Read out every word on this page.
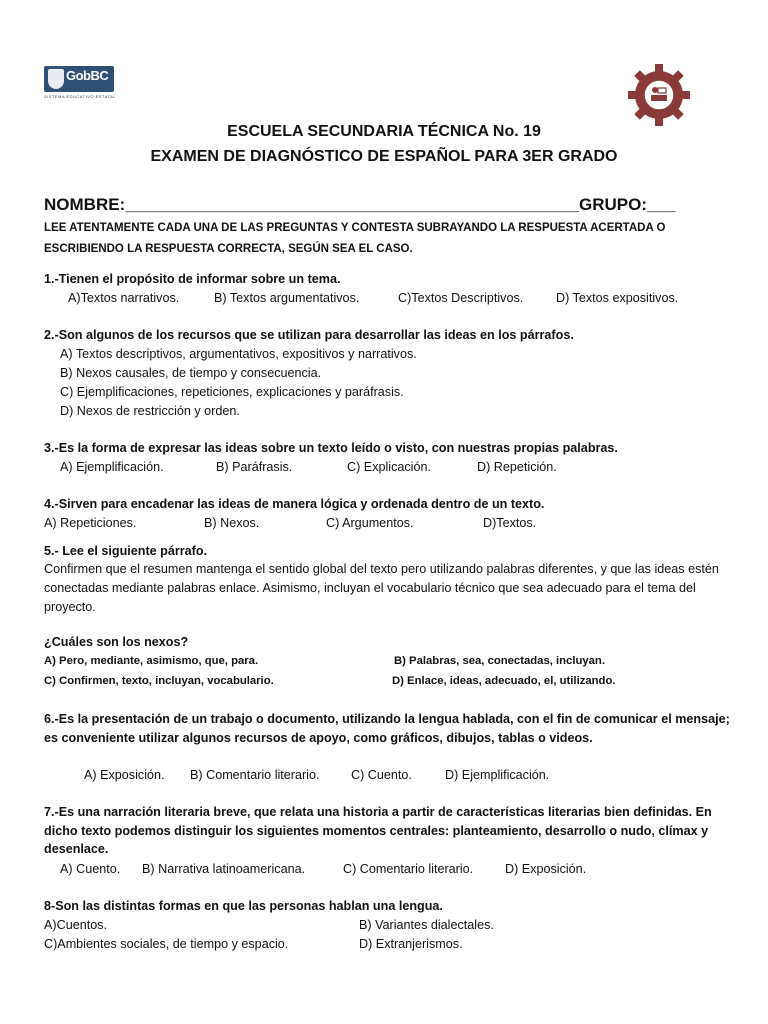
GobBC
SISTEMA EDUCATIVO ESTATAL
ESCUELA SECUNDARIA TÉCNICA No. 19
EXAMEN DE DIAGNÓSTICO DE ESPAÑOL PARA 3ER GRADO
NOMBRE:________________________________________________GRUPO:___
LEE ATENTAMENTE CADA UNA DE LAS PREGUNTAS Y CONTESTA SUBRAYANDO LA RESPUESTA ACERTADA O ESCRIBIENDO LA RESPUESTA CORRECTA, SEGÚN SEA EL CASO.
1.-Tienen el propósito de informar sobre un tema.
A)Textos narrativos.	B) Textos argumentativos.	C)Textos Descriptivos.	D) Textos expositivos.
2.-Son algunos de los recursos que se utilizan para desarrollar las ideas en los párrafos.
A) Textos descriptivos, argumentativos, expositivos y narrativos.
B) Nexos causales, de tiempo y consecuencia.
C) Ejemplificaciones, repeticiones, explicaciones y paráfrasis.
D) Nexos de restricción y orden.
3.-Es la forma de expresar las ideas sobre un texto leído o visto, con nuestras propias palabras.
A) Ejemplificación.	B) Paráfrasis.	C) Explicación.	D) Repetición.
4.-Sirven para encadenar las ideas de manera lógica y ordenada dentro de un texto.
A) Repeticiones.	B) Nexos.	C) Argumentos.	D)Textos.
5.- Lee el siguiente párrafo.
Confirmen que el resumen mantenga el sentido global del texto pero utilizando palabras diferentes, y que las ideas estén conectadas mediante palabras enlace. Asimismo, incluyan el vocabulario técnico que sea adecuado para el tema del proyecto.
¿Cuáles son los nexos?
A) Pero, mediante, asimismo, que, para.	B) Palabras, sea, conectadas, incluyan.
C) Confirmen, texto, incluyan, vocabulario.	D) Enlace, ideas, adecuado, el, utilizando.
6.-Es la presentación de un trabajo o documento, utilizando la lengua hablada, con el fin de comunicar el mensaje; es conveniente utilizar algunos recursos de apoyo, como gráficos, dibujos, tablas o videos.
A) Exposición. B) Comentario literario.	C) Cuento.	D) Ejemplificación.
7.-Es una narración literaria breve, que relata una historia a partir de características literarias bien definidas. En dicho texto podemos distinguir los siguientes momentos centrales: planteamiento, desarrollo o nudo, clímax y desenlace.
A) Cuento. B) Narrativa latinoamericana.	C) Comentario literario.	D) Exposición.
8-Son las distintas formas en que las personas hablan una lengua.
A)Cuentos.	B) Variantes dialectales.
C)Ambientes sociales, de tiempo y espacio.	D) Extranjerismos.
